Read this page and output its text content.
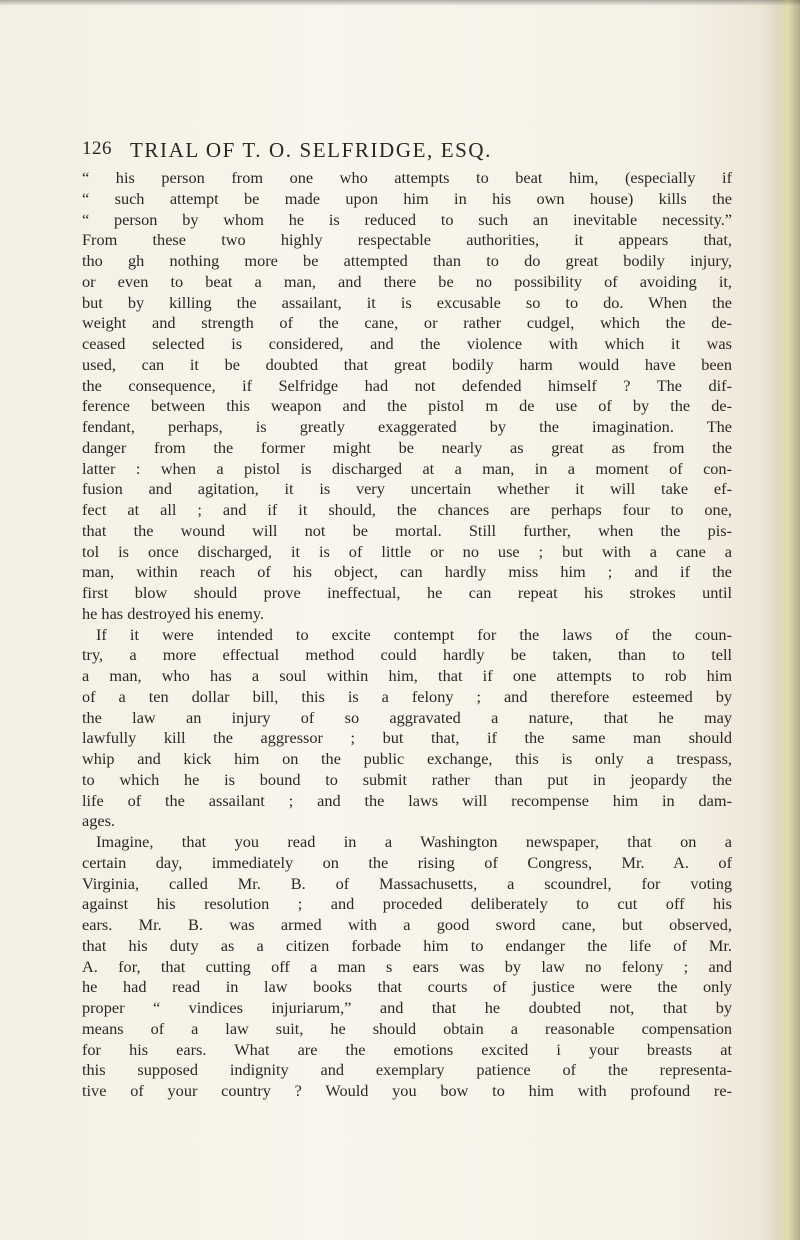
126 TRIAL OF T. O. SELFRIDGE, ESQ.
“ his person from one who attempts to beat him, (especially if
“ such attempt be made upon him in his own house) kills the
“ person by whom he is reduced to such an inevitable necessity.”
From these two highly respectable authorities, it appears that,
tho gh nothing more be attempted than to do great bodily injury,
or even to beat a man, and there be no possibility of avoiding it,
but by killing the assailant, it is excusable so to do. When the
weight and strength of the cane, or rather cudgel, which the de-
ceased selected is considered, and the violence with which it was
used, can it be doubted that great bodily harm would have been
the consequence, if Selfridge had not defended himself ? The dif-
ference between this weapon and the pistol m de use of by the de-
fendant, perhaps, is greatly exaggerated by the imagination. The
danger from the former might be nearly as great as from the
latter : when a pistol is discharged at a man, in a moment of con-
fusion and agitation, it is very uncertain whether it will take ef-
fect at all ; and if it should, the chances are perhaps four to one,
that the wound will not be mortal. Still further, when the pis-
tol is once discharged, it is of little or no use ; but with a cane a
man, within reach of his object, can hardly miss him ; and if the
first blow should prove ineffectual, he can repeat his strokes until
he has destroyed his enemy.
If it were intended to excite contempt for the laws of the coun-
try, a more effectual method could hardly be taken, than to tell
a man, who has a soul within him, that if one attempts to rob him
of a ten dollar bill, this is a felony ; and therefore esteemed by
the law an injury of so aggravated a nature, that he may
lawfully kill the aggressor ; but that, if the same man should
whip and kick him on the public exchange, this is only a trespass,
to which he is bound to submit rather than put in jeopardy the
life of the assailant ; and the laws will recompense him in dam-
ages.
Imagine, that you read in a Washington newspaper, that on a
certain day, immediately on the rising of Congress, Mr. A. of
Virginia, called Mr. B. of Massachusetts, a scoundrel, for voting
against his resolution ; and proceded deliberately to cut off his
ears. Mr. B. was armed with a good sword cane, but observed,
that his duty as a citizen forbade him to endanger the life of Mr.
A. for, that cutting off a man s ears was by law no felony ; and
he had read in law books that courts of justice were the only
proper “ vindices injuriarum,” and that he doubted not, that by
means of a law suit, he should obtain a reasonable compensation
for his ears. What are the emotions excited i your breasts at
this supposed indignity and exemplary patience of the representa-
tive of your country ? Would you bow to him with profound re-
